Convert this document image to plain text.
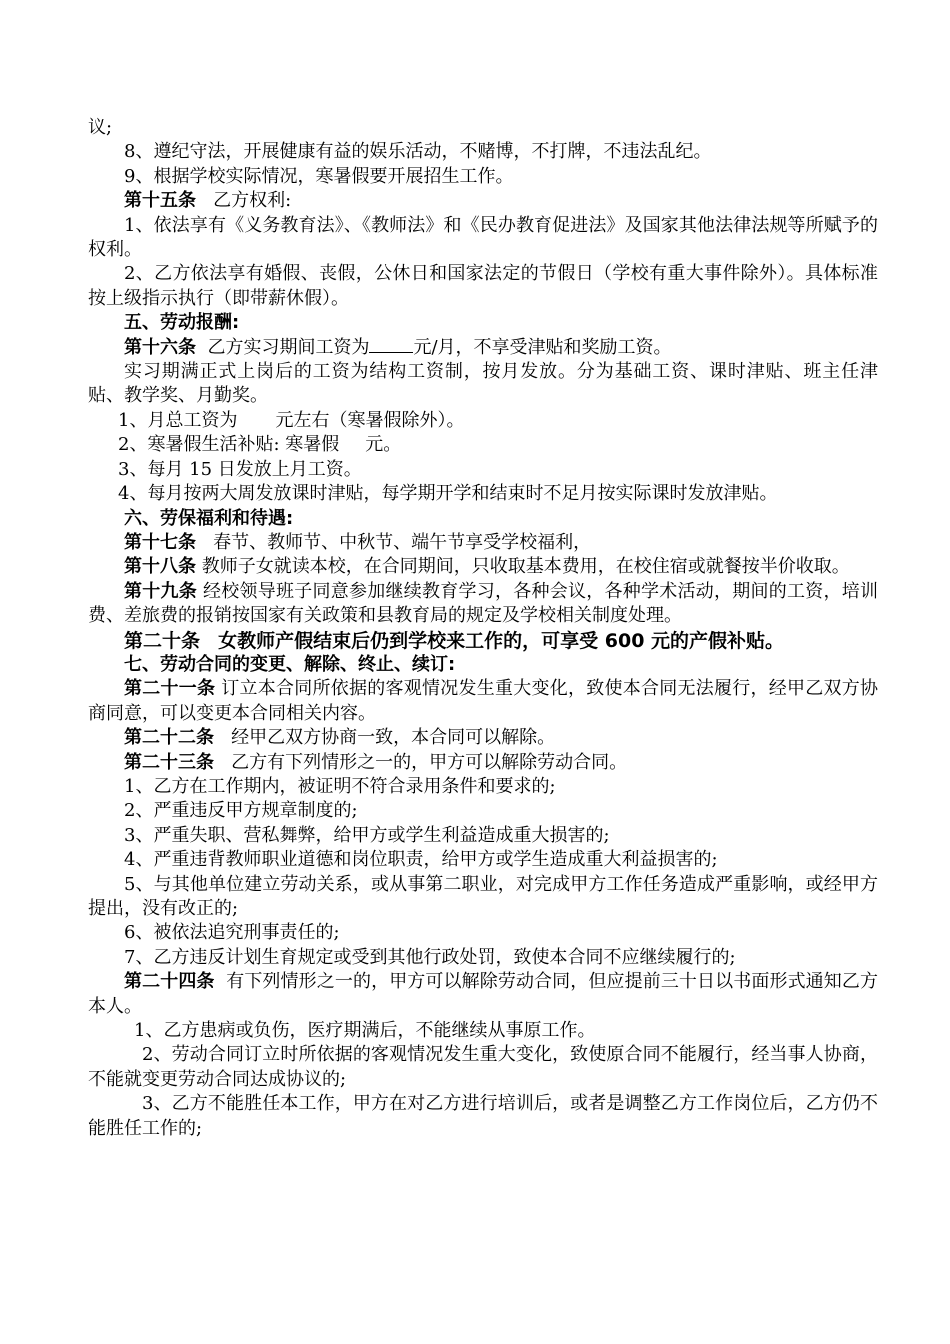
议;

8、遵纪守法，开展健康有益的娱乐活动，不赌博，不打牌，不违法乱纪。

9、根据学校实际情况，寒暑假要开展招生工作。

第十五条 乙方权利:

1、依法享有《义务教育法》、《教师法》和《民办教育促进法》及国家其他法律法规等所赋予的权利。

2、乙方依法享有婚假、丧假，公休日和国家法定的节假日（学校有重大事件除外）。具体标准按上级指示执行（即带薪休假）。

五、劳动报酬:

第十六条 乙方实习期间工资为 元/月，不享受津贴和奖励工资。

实习期满正式上岗后的工资为结构工资制，按月发放。分为基础工资、课时津贴、班主任津贴、教学奖、月勤奖。

1、月总工资为 元左右（寒暑假除外）。

2、寒暑假生活补贴: 寒暑假 元。

3、每月 15 日发放上月工资。

4、每月按两大周发放课时津贴，每学期开学和结束时不足月按实际课时发放津贴。

六、劳保福利和待遇:

第十七条 春节、教师节、中秋节、端午节享受学校福利，

第十八条 教师子女就读本校，在合同期间，只收取基本费用，在校住宿或就餐按半价收取。

第十九条 经校领导班子同意参加继续教育学习，各种会议，各种学术活动，期间的工资，培训费、差旅费的报销按国家有关政策和县教育局的规定及学校相关制度处理。

第二十条 女教师产假结束后仍到学校来工作的，可享受 600 元的产假补贴。

七、劳动合同的变更、解除、终止、续订:

第二十一条 订立本合同所依据的客观情况发生重大变化，致使本合同无法履行，经甲乙双方协商同意，可以变更本合同相关内容。

第二十二条 经甲乙双方协商一致，本合同可以解除。

第二十三条 乙方有下列情形之一的，甲方可以解除劳动合同。

1、乙方在工作期内，被证明不符合录用条件和要求的;

2、严重违反甲方规章制度的;

3、严重失职、营私舞弊，给甲方或学生利益造成重大损害的;

4、严重违背教师职业道德和岗位职责，给甲方或学生造成重大利益损害的;

5、与其他单位建立劳动关系，或从事第二职业，对完成甲方工作任务造成严重影响，或经甲方提出，没有改正的;

6、被依法追究刑事责任的;

7、乙方违反计划生育规定或受到其他行政处罚，致使本合同不应继续履行的;

第二十四条 有下列情形之一的，甲方可以解除劳动合同，但应提前三十日以书面形式通知乙方本人。

1、乙方患病或负伤，医疗期满后，不能继续从事原工作。

2、劳动合同订立时所依据的客观情况发生重大变化，致使原合同不能履行，经当事人协商，不能就变更劳动合同达成协议的;

3、乙方不能胜任本工作，甲方在对乙方进行培训后，或者是调整乙方工作岗位后，乙方仍不能胜任工作的;
